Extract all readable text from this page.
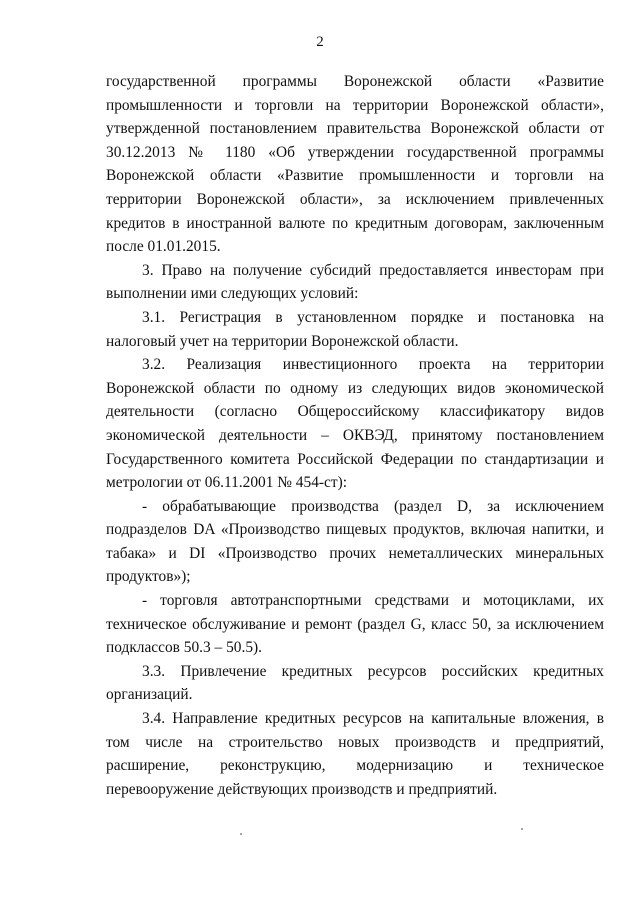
2

государственной программы Воронежской области «Развитие промышленности и торговли на территории Воронежской области», утвержденной постановлением правительства Воронежской области от 30.12.2013 № 1180 «Об утверждении государственной программы Воронежской области «Развитие промышленности и торговли на территории Воронежской области», за исключением привлеченных кредитов в иностранной валюте по кредитным договорам, заключенным после 01.01.2015.

3. Право на получение субсидий предоставляется инвесторам при выполнении ими следующих условий:

3.1. Регистрация в установленном порядке и постановка на налоговый учет на территории Воронежской области.

3.2. Реализация инвестиционного проекта на территории Воронежской области по одному из следующих видов экономической деятельности (согласно Общероссийскому классификатору видов экономической деятельности – ОКВЭД, принятому постановлением Государственного комитета Российской Федерации по стандартизации и метрологии от 06.11.2001 № 454-ст):

- обрабатывающие производства (раздел D, за исключением подразделов DA «Производство пищевых продуктов, включая напитки, и табака» и DI «Производство прочих неметаллических минеральных продуктов»);

- торговля автотранспортными средствами и мотоциклами, их техническое обслуживание и ремонт (раздел G, класс 50, за исключением подклассов 50.3 – 50.5).

3.3. Привлечение кредитных ресурсов российских кредитных организаций.

3.4. Направление кредитных ресурсов на капитальные вложения, в том числе на строительство новых производств и предприятий, расширение, реконструкцию, модернизацию и техническое перевооружение действующих производств и предприятий.
